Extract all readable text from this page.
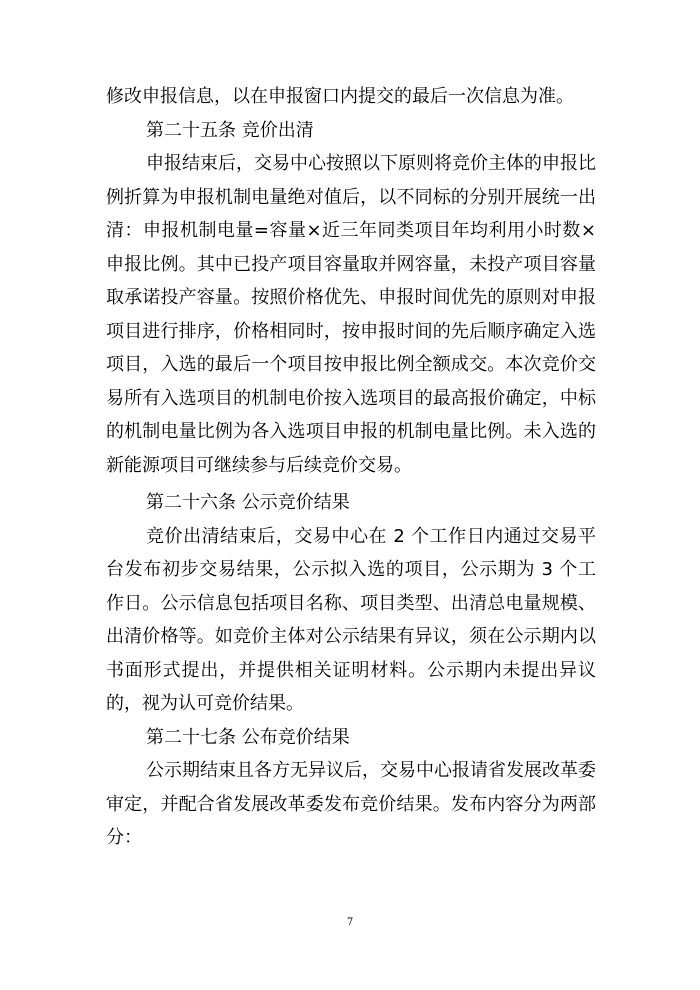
修改申报信息，以在申报窗口内提交的最后一次信息为准。

第二十五条 竞价出清

申报结束后，交易中心按照以下原则将竞价主体的申报比例折算为申报机制电量绝对值后，以不同标的分别开展统一出清：申报机制电量=容量×近三年同类项目年均利用小时数×申报比例。其中已投产项目容量取并网容量，未投产项目容量取承诺投产容量。按照价格优先、申报时间优先的原则对申报项目进行排序，价格相同时，按申报时间的先后顺序确定入选项目，入选的最后一个项目按申报比例全额成交。本次竞价交易所有入选项目的机制电价按入选项目的最高报价确定，中标的机制电量比例为各入选项目申报的机制电量比例。未入选的新能源项目可继续参与后续竞价交易。

第二十六条 公示竞价结果

竞价出清结束后，交易中心在 2 个工作日内通过交易平台发布初步交易结果，公示拟入选的项目，公示期为 3 个工作日。公示信息包括项目名称、项目类型、出清总电量规模、出清价格等。如竞价主体对公示结果有异议，须在公示期内以书面形式提出，并提供相关证明材料。公示期内未提出异议的，视为认可竞价结果。

第二十七条 公布竞价结果

公示期结束且各方无异议后，交易中心报请省发展改革委审定，并配合省发展改革委发布竞价结果。发布内容分为两部分：

7
